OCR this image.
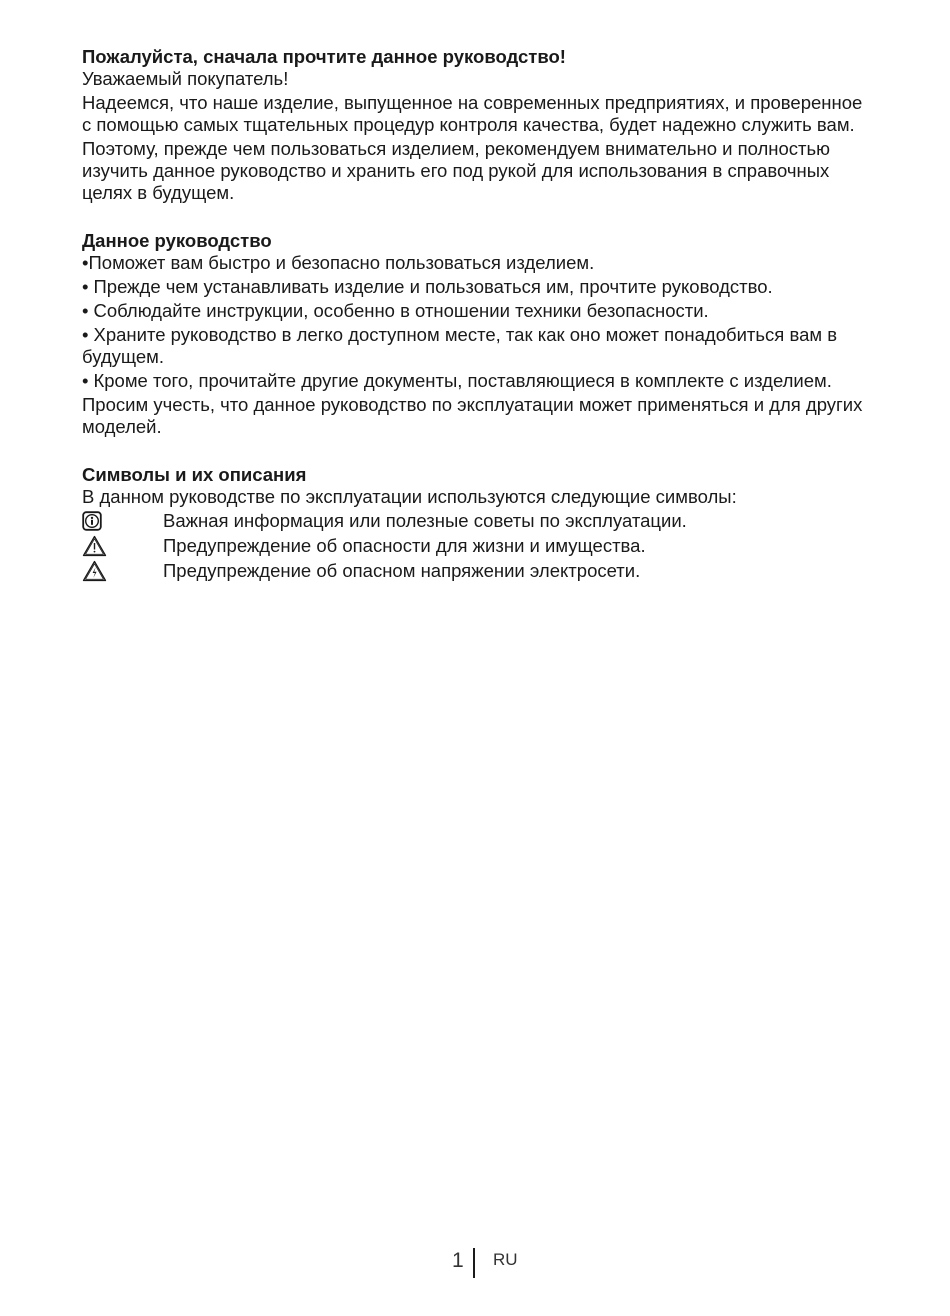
Пожалуйста, сначала прочтите данное руководство!

Уважаемый покупатель!

Надеемся, что наше изделие, выпущенное на современных предприятиях, и проверенное с помощью самых тщательных процедур контроля качества, будет надежно служить вам.

Поэтому, прежде чем пользоваться изделием, рекомендуем внимательно и полностью изучить данное руководство и хранить его под рукой для использования в справочных целях в будущем.

Данное руководство

•Поможет вам быстро и безопасно пользоваться изделием.

• Прежде чем устанавливать изделие и пользоваться им, прочтите руководство.

• Соблюдайте инструкции, особенно в отношении техники безопасности.

• Храните руководство в легко доступном месте, так как оно может понадобиться вам в будущем.

• Кроме того, прочитайте другие документы, поставляющиеся в комплекте с изделием.

Просим учесть, что данное руководство по эксплуатации может применяться и для других моделей.

Символы и их описания

В данном руководстве по эксплуатации используются следующие символы:

Важная информация или полезные советы по эксплуатации.
Предупреждение об опасности для жизни и имущества.
Предупреждение об опасном напряжении электросети.
1 RU
